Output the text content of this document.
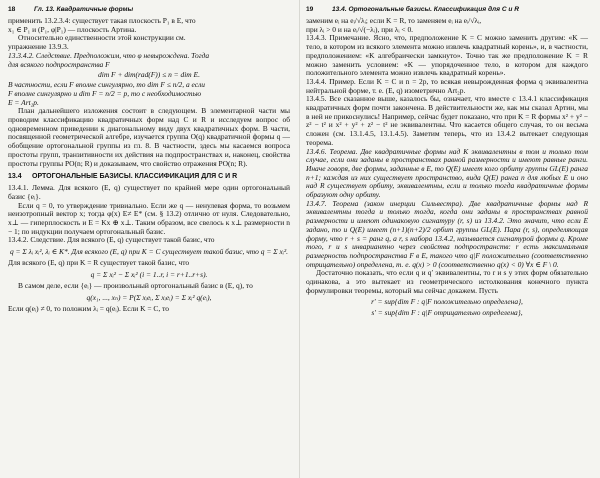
18	Гл. 13. Квадратичные формы

применить 13.2.3.4: существует такая плоскость P₁ в E, что

x₁ ∈ P₁ и (P₁, φ|P₁) — плоскость Артина.

Относительно единственности этой конструкции см.

упражнение 13.9.3.

13.3.4.2. Следствие. Предположим, что φ невырождена. Тогда

для всякого подпространства F

dim F + dim(rad(F)) ≤ n = dim E.

В частности, если F вполне сингулярно, то dim F ≤ n/2, а если

F вполне сингулярно и dim F = n/2 = p, то с необходимостью

E = Art₂p.

План дальнейшего изложения состоит в следующем. В элементарной части мы проводим классификацию квадратичных форм над C и R и исследуем вопрос об одновременном приведении к диагональному виду двух квадратичных форм. В части, посвященной геометрической алгебре, изучается группа O(q) квадратичной формы q — обобщение ортогональной группы из гл. 8. В частности, здесь мы касаемся вопроса простоты групп, транзитивности их действия на подпространствах и, наконец, свойства простоты группы PO(n; R) и доказываем, что свойство отражения PO(n; R).

13.4 ОРТОГОНАЛЬНЫЕ БАЗИСЫ. КЛАССИФИКАЦИЯ ДЛЯ C И R

13.4.1. Лемма. Для всякого (E, q) существует по крайней мере один ортогональный базис {eᵢ}.

Если q = 0, то утверждение тривиально. Если же q — ненулевая форма, то возьмем неизотропный вектор x; тогда φ(x) E≠ E* (см. § 13.2) отлично от нуля. Следовательно, x⊥ — гиперплоскость и E = Kx ⊕ x⊥. Таким образом, все свелось к x⊥ размерности n − 1; по индукции получаем ортогональный базис.

13.4.2. Следствие. Для всякого (E, q) существует такой базис, что

q = Σ λᵢ xᵢ², λᵢ ∈ K*. Для всякого (E, q) при K = C существует такой базис, что q = Σ xᵢ².

Для всякого (E, q) при K = R существует такой базис, что

q = Σ xᵢ² − Σ xᵢ² (i = 1..r, i = r+1..r+s).

В самом деле, если {eᵢ} — произвольный ортогональный базис в (E, q), то

q(x₁, ..., xₙ) = P(Σ xᵢeᵢ, Σ xᵢeᵢ) = Σ xᵢ² q(eᵢ),

Если q(eᵢ) ≠ 0, то положим λᵢ = q(eᵢ). Если K = C, то

19	13.4. Ортогональные базисы. Классификация для C и R

заменим eᵢ на eᵢ/√λᵢ; если K = R, то заменяем eᵢ на eᵢ/√λᵢ,

при λᵢ > 0 и на eᵢ/√(−λᵢ), при λᵢ < 0.

13.4.3. Примечание. Ясно, что, предположение K = C можно заменить другим: «K — тело, в котором из всякого элемента можно извлечь квадратный корень», и, в частности, предположением: «K алгебраически замкнуто». Точно так же предположение K = R можно заменить условием: «K — упорядоченное тело, в котором для каждого положительного элемента можно извлечь квадратный корень».

13.4.4. Пример. Если K = C и n = 2p, то всякая невырожденная форма q эквивалентна нейтральной форме, т. е. (E, q) изометрично Art₂p.

13.4.5. Все сказанное выше, казалось бы, означает, что вместе с 13.4.1 классификация квадратичных форм почти закончена. В действительности же, как мы сказал Артин, мы в ней не прикоснулись! Например, сейчас будет показано, что при K = R формы x² + y² − z² − t² и x² + y² + z² − t² не эквивалентны. Что касается общего случая, то он весьма сложен (см. 13.1.4.5, 13.1.4.5). Заметим теперь, что из 13.4.2 вытекает следующая теорема.

13.4.6. Теорема. Две квадратичные формы над K эквивалентны в том и только том случае, если они заданы в пространствах равной размерности и имеют равные ранги. Иначе говоря, две формы, заданные в E, то Q(E) имеет кого орбиту группы GL(E) ранга n+1; каждая из них существует пространство, вида Q(E) ранга n для любых E и оно над R существует орбиту, эквивалентны, если и только тогда квадратичные формы образуют одну орбиту.

13.4.7. Теорема (закон инерции Сильвестра). Две квадратичные формы над R эквивалентны тогда и только тогда, когда они заданы в пространствах равной размерности и имеют одинаковую сигнатуру (r, s) из 13.4.2. Это значит, что если E задано, то и Q(E) имеет (n+1)(n+2)/2 орбит группы GL(E). Пара (r, s), определяющая форму, что r + s = ранг q, а r, s набора 13.4.2, называется сигнатурой формы q. Кроме того, r и s инвариантно через свойства подпространств: r есть максимальная размерность подпространства F в E, такого что q|F положительно (соответственно отрицательно) определена, т. е. q(x) > 0 (соответственно q(x) < 0) ∀x ∈ F \ 0.

Достаточно показать, что если q и q′ эквивалентны, то r и s у этих форм обязательно одинакова, а это вытекает из геометрического истолкования конечного пункта формулировки теоремы, который мы сейчас докажем. Пусть

r′ = sup{dim F : q|F положительно определена},
s′ = sup{dim F : q|F отрицательно определена},
